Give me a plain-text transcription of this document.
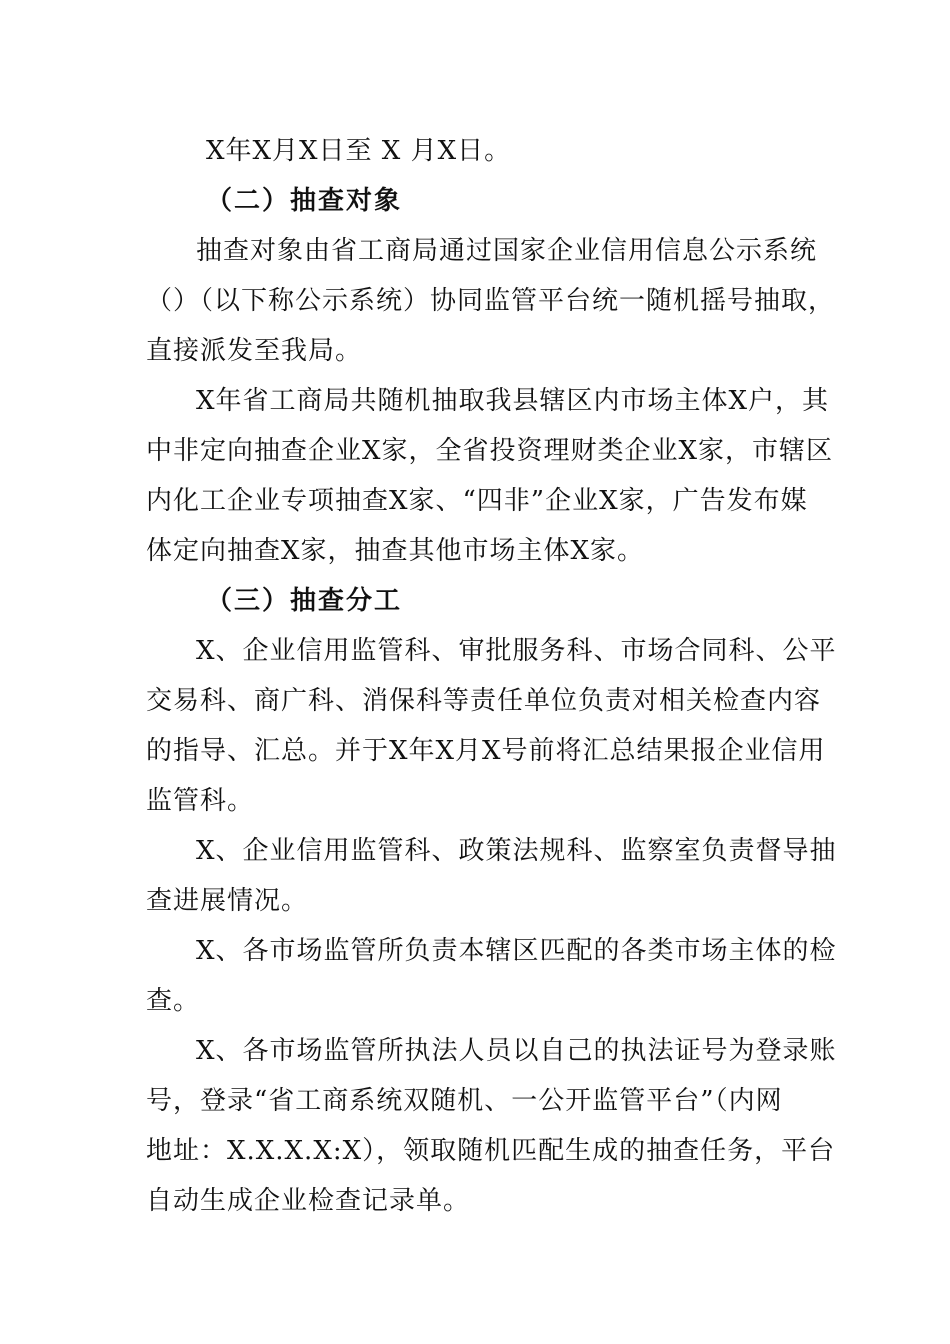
X年X月X日至 X 月X日。
（二）抽查对象
抽查对象由省工商局通过国家企业信用信息公示系统
（）（以下称公示系统）协同监管平台统一随机摇号抽取，
直接派发至我局。
X年省工商局共随机抽取我县辖区内市场主体X户，其
中非定向抽查企业X家，全省投资理财类企业X家，市辖区
内化工企业专项抽查X家、“四非”企业X家，广告发布媒
体定向抽查X家，抽查其他市场主体X家。
（三）抽查分工
X、企业信用监管科、审批服务科、市场合同科、公平
交易科、商广科、消保科等责任单位负责对相关检查内容
的指导、汇总。并于X年X月X号前将汇总结果报企业信用
监管科。
X、企业信用监管科、政策法规科、监察室负责督导抽
查进展情况。
X、各市场监管所负责本辖区匹配的各类市场主体的检
查。
X、各市场监管所执法人员以自己的执法证号为登录账
号，登录“省工商系统双随机、一公开监管平台”（内网
地址：X.X.X.X:X），领取随机匹配生成的抽查任务，平台
自动生成企业检查记录单。
